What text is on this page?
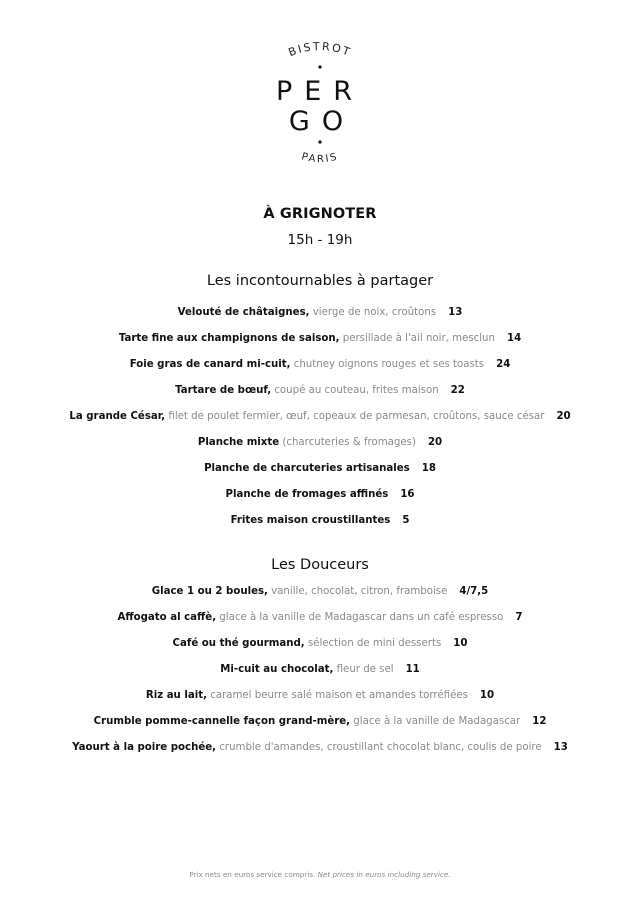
BISTROT
PER
GO
PARIS
À GRIGNOTER
15h - 19h
Les incontournables à partager
Velouté de châtaignes, vierge de noix, croûtons 13
Tarte fine aux champignons de saison, persillade à l'ail noir, mesclun 14
Foie gras de canard mi-cuit, chutney oignons rouges et ses toasts 24
Tartare de bœuf, coupé au couteau, frites maison 22
La grande César, filet de poulet fermier, œuf, copeaux de parmesan, croûtons, sauce césar 20
Planche mixte (charcuteries & fromages) 20
Planche de charcuteries artisanales 18
Planche de fromages affinés 16
Frites maison croustillantes 5
Les Douceurs
Glace 1 ou 2 boules, vanille, chocolat, citron, framboise 4/7,5
Affogato al caffè, glace à la vanille de Madagascar dans un café espresso 7
Café ou thé gourmand, sélection de mini desserts 10
Mi-cuit au chocolat, fleur de sel 11
Riz au lait, caramel beurre salé maison et amandes torréfiées 10
Crumble pomme-cannelle façon grand-mère, glace à la vanille de Madagascar 12
Yaourt à la poire pochée, crumble d'amandes, croustillant chocolat blanc, coulis de poire 13
Prix nets en euros service compris. Net prices in euros including service.
